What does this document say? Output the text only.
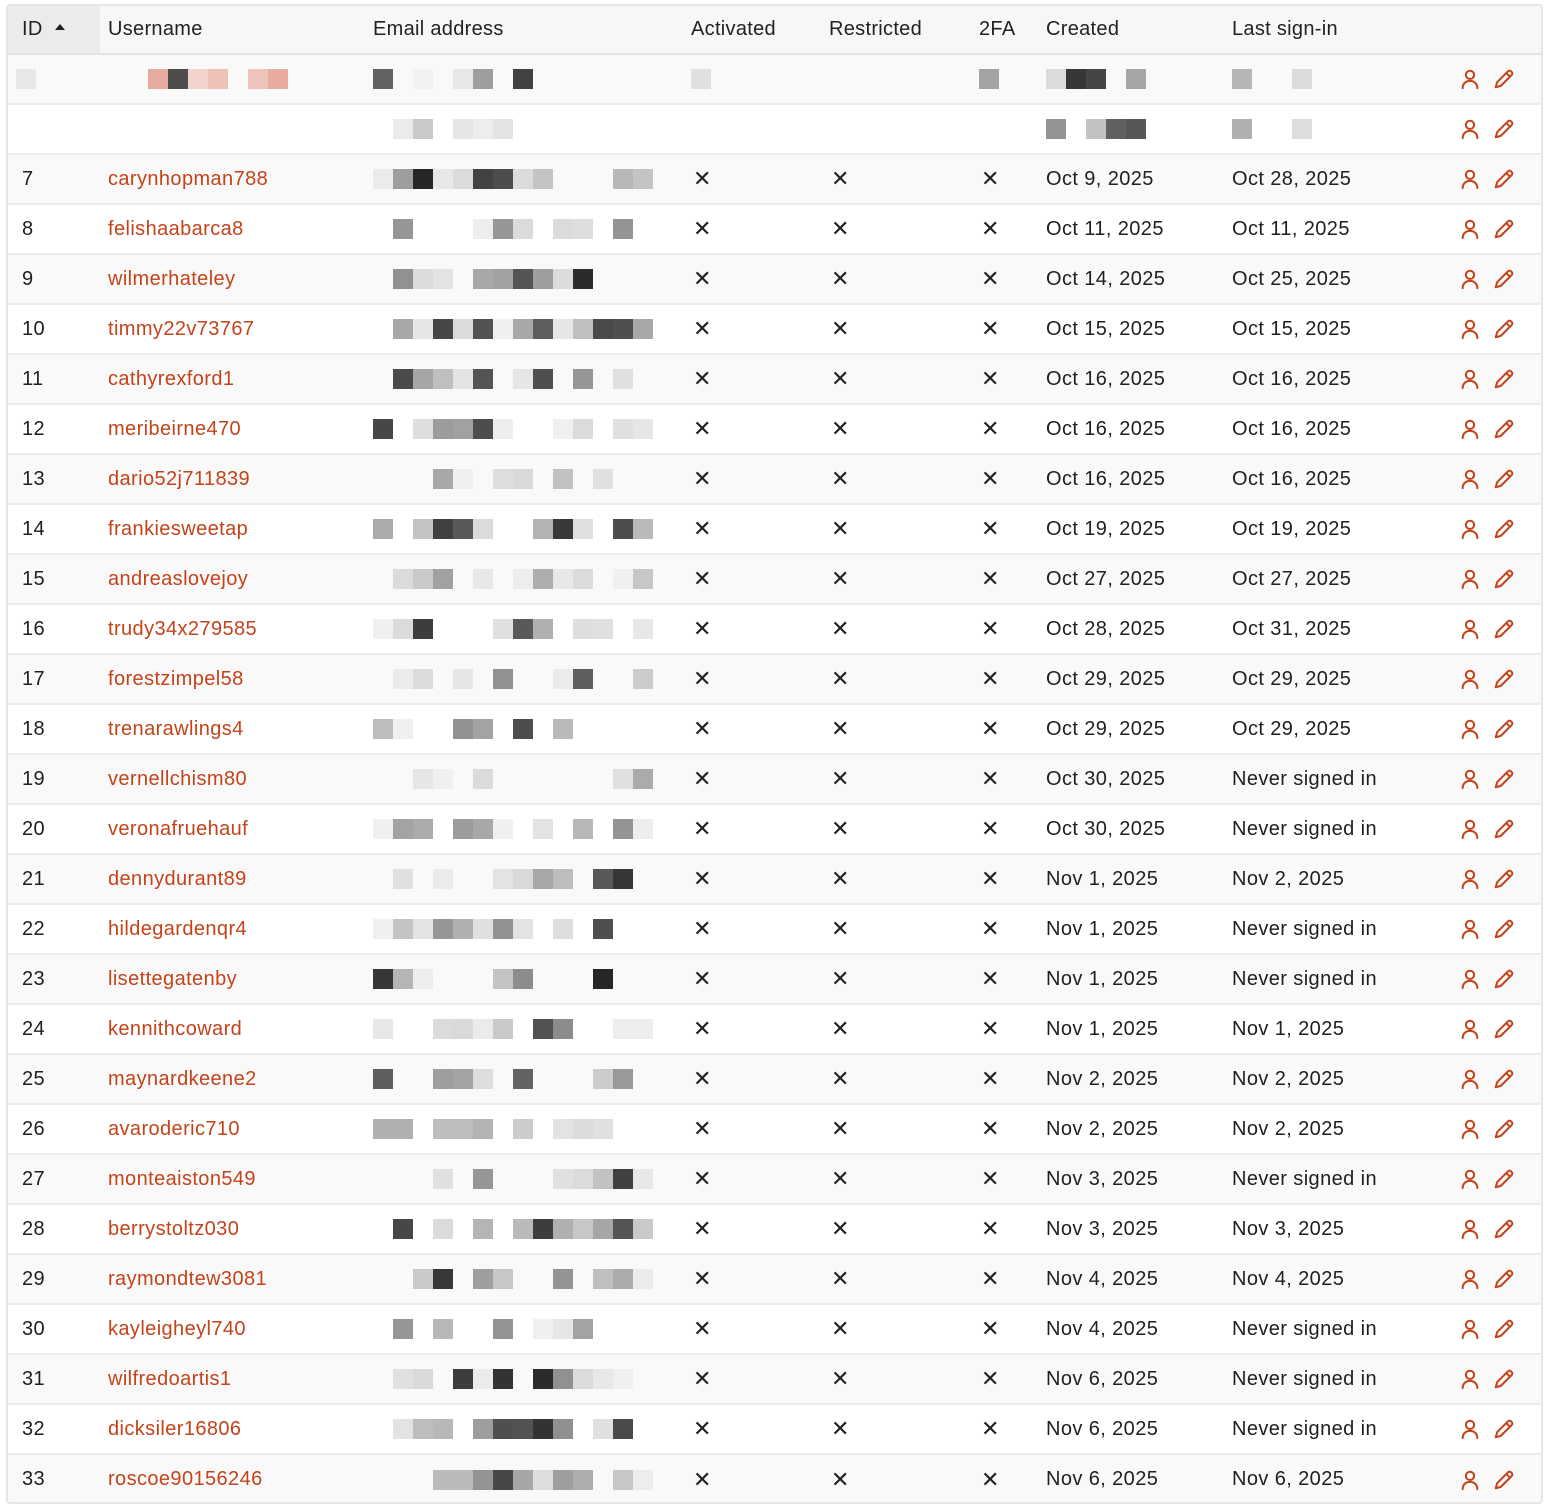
ID	Username	Email address	Activated	Restricted	2FA	Created	Last sign-in	

7	carynhopman788		✕	✕	✕	Oct 9, 2025	Oct 28, 2025	

8	felishaabarca8		✕	✕	✕	Oct 11, 2025	Oct 11, 2025	

9	wilmerhateley		✕	✕	✕	Oct 14, 2025	Oct 25, 2025	

10	timmy22v73767		✕	✕	✕	Oct 15, 2025	Oct 15, 2025	

11	cathyrexford1		✕	✕	✕	Oct 16, 2025	Oct 16, 2025	

12	meribeirne470		✕	✕	✕	Oct 16, 2025	Oct 16, 2025	

13	dario52j711839		✕	✕	✕	Oct 16, 2025	Oct 16, 2025	

14	frankiesweetap		✕	✕	✕	Oct 19, 2025	Oct 19, 2025	

15	andreaslovejoy		✕	✕	✕	Oct 27, 2025	Oct 27, 2025	

16	trudy34x279585		✕	✕	✕	Oct 28, 2025	Oct 31, 2025	

17	forestzimpel58		✕	✕	✕	Oct 29, 2025	Oct 29, 2025	

18	trenarawlings4		✕	✕	✕	Oct 29, 2025	Oct 29, 2025	

19	vernellchism80		✕	✕	✕	Oct 30, 2025	Never signed in	

20	veronafruehauf		✕	✕	✕	Oct 30, 2025	Never signed in	

21	dennydurant89		✕	✕	✕	Nov 1, 2025	Nov 2, 2025	

22	hildegardenqr4		✕	✕	✕	Nov 1, 2025	Never signed in	

23	lisettegatenby		✕	✕	✕	Nov 1, 2025	Never signed in	

24	kennithcoward		✕	✕	✕	Nov 1, 2025	Nov 1, 2025	

25	maynardkeene2		✕	✕	✕	Nov 2, 2025	Nov 2, 2025	

26	avaroderic710		✕	✕	✕	Nov 2, 2025	Nov 2, 2025	

27	monteaiston549		✕	✕	✕	Nov 3, 2025	Never signed in	

28	berrystoltz030		✕	✕	✕	Nov 3, 2025	Nov 3, 2025	

29	raymondtew3081		✕	✕	✕	Nov 4, 2025	Nov 4, 2025	

30	kayleigheyl740		✕	✕	✕	Nov 4, 2025	Never signed in	

31	wilfredoartis1		✕	✕	✕	Nov 6, 2025	Never signed in	

32	dicksiler16806		✕	✕	✕	Nov 6, 2025	Never signed in	

33	roscoe90156246		✕	✕	✕	Nov 6, 2025	Nov 6, 2025	
